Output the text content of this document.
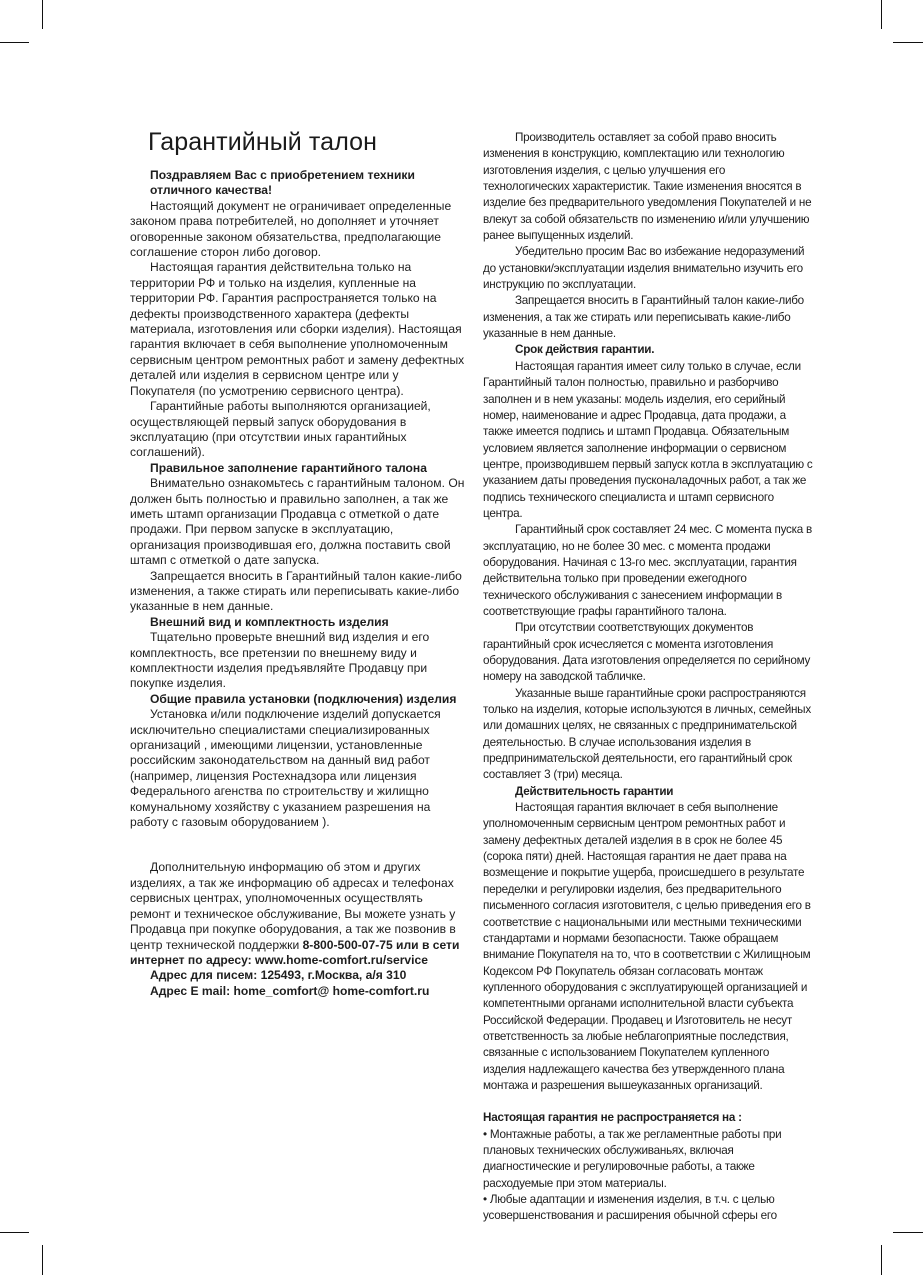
Гарантийный талон

Поздравляем Вас с приобретением техники отличного качества!

Настоящий документ не ограничивает определенные законом права потребителей, но дополняет и уточняет оговоренные законом обязательства, предполагающие соглашение сторон либо договор.

Настоящая гарантия действительна только на территории РФ и только на изделия, купленные на территории РФ. Гарантия распространяется только на дефекты производственного характера (дефекты материала, изготовления или сборки изделия). Настоящая гарантия включает в себя выполнение уполномоченным сервисным центром ремонтных работ и замену дефектных деталей или изделия в сервисном центре или у Покупателя (по усмотрению сервисного центра).

Гарантийные работы выполняются организацией, осуществляющей первый запуск оборудования в эксплуатацию (при отсутствии иных гарантийных соглашений).

Правильное заполнение гарантийного талона

Внимательно ознакомьтесь с гарантийным талоном. Он должен быть полностью и правильно заполнен, а так же иметь штамп организации Продавца с отметкой о дате продажи. При первом запуске в эксплуатацию, организация производившая его, должна поставить свой штамп с отметкой о дате запуска.

Запрещается вносить в Гарантийный талон какие-либо изменения, а также стирать или переписывать какие-либо указанные в нем данные.

Внешний вид и комплектность изделия

Тщательно проверьте внешний вид изделия и его комплектность, все претензии по внешнему виду и комплектности изделия предъявляйте Продавцу при покупке изделия.

Общие правила установки (подключения) изделия

Установка и/или подключение изделий допускается исключительно специалистами специализированных организаций , имеющими лицензии, установленные российским законодательством на данный вид работ (например, лицензия Ростехнадзора или лицензия Федерального агенства по строительству и жилищно комунальному хозяйству с указанием разрешения на работу с газовым оборудованием ).

Дополнительную информацию об этом и других изделиях, а так же информацию об адресах и телефонах сервисных центрах, уполномоченных осуществлять ремонт и техническое обслуживание, Вы можете узнать у Продавца при покупке оборудования, а так же позвонив в центр технической поддержки 8-800-500-07-75 или в сети интернет по адресу: www.home-comfort.ru/service

Адрес для писем: 125493, г.Москва, а/я 310

Адрес E mail: home_comfort@ home-comfort.ru

Производитель оставляет за собой право вносить изменения в конструкцию, комплектацию или технологию изготовления изделия, с целью улучшения его технологических характеристик. Такие изменения вносятся в изделие без предварительного уведомления Покупателей и не влекут за собой обязательств по изменению и/или улучшению ранее выпущенных изделий.

Убедительно просим Вас во избежание недоразумений до установки/эксплуатации изделия внимательно изучить его инструкцию по эксплуатации.

Запрещается вносить в Гарантийный талон какие-либо изменения, а так же стирать или переписывать какие-либо указанные в нем данные.

Срок действия гарантии.

Настоящая гарантия имеет силу только в случае, если Гарантийный талон полностью, правильно и разборчиво заполнен и в нем указаны: модель изделия, его серийный номер, наименование и адрес Продавца, дата продажи, а также имеется подпись и штамп Продавца. Обязательным условием является заполнение информации о сервисном центре, производившем первый запуск котла в эксплуатацию с указанием даты проведения пусконаладочных работ, а так же подпись технического специалиста и штамп сервисного центра.

Гарантийный срок составляет 24 мес. С момента пуска в эксплуатацию, но не более 30 мес. с момента продажи оборудования. Начиная с 13-го мес. эксплуатации, гарантия действительна только при проведении ежегодного технического обслуживания с занесением информации в соответствующие графы гарантийного талона.

При отсутствии соответствующих документов гарантийный срок исчесляется с момента изготовления оборудования. Дата изготовления определяется по серийному номеру на заводской табличке.

Указанные выше гарантийные сроки распространяются только на изделия, которые используются в личных, семейных или домашних целях, не связанных с предпринимательской деятельностью. В случае использования изделия в предпринимательской деятельности, его гарантийный срок составляет 3 (три) месяца.

Действительность гарантии

Настоящая гарантия включает в себя выполнение уполномоченным сервисным центром ремонтных работ и замену дефектных деталей изделия в в срок не более 45 (сорока пяти) дней. Настоящая гарантия не дает права на возмещение и покрытие ущерба, происшедшего в результате переделки и регулировки изделия, без предварительного письменного согласия изготовителя, с целью приведения его в соответствие с национальными или местными техническими стандартами и нормами безопасности. Также обращаем внимание Покупателя на то, что в соответствии с Жилищноым Кодексом РФ Покупатель обязан согласовать монтаж купленного оборудования с эксплуатирующей организацией и компетентными органами исполнительной власти субъекта Российской Федерации. Продавец и Изготовитель не несут ответственность за любые неблагоприятные последствия, связанные с использованием Покупателем купленного изделия надлежащего качества без утвержденного плана монтажа и разрешения вышеуказанных организаций.

Настоящая гарантия не распространяется на :

• Монтажные работы, а так же регламентные работы при плановых технических обслуживаньях, включая диагностические и регулировочные работы, а также расходуемые при этом материалы.

• Любые адаптации и изменения изделия, в т.ч. с целью усовершенствования и расширения обычной сферы его
